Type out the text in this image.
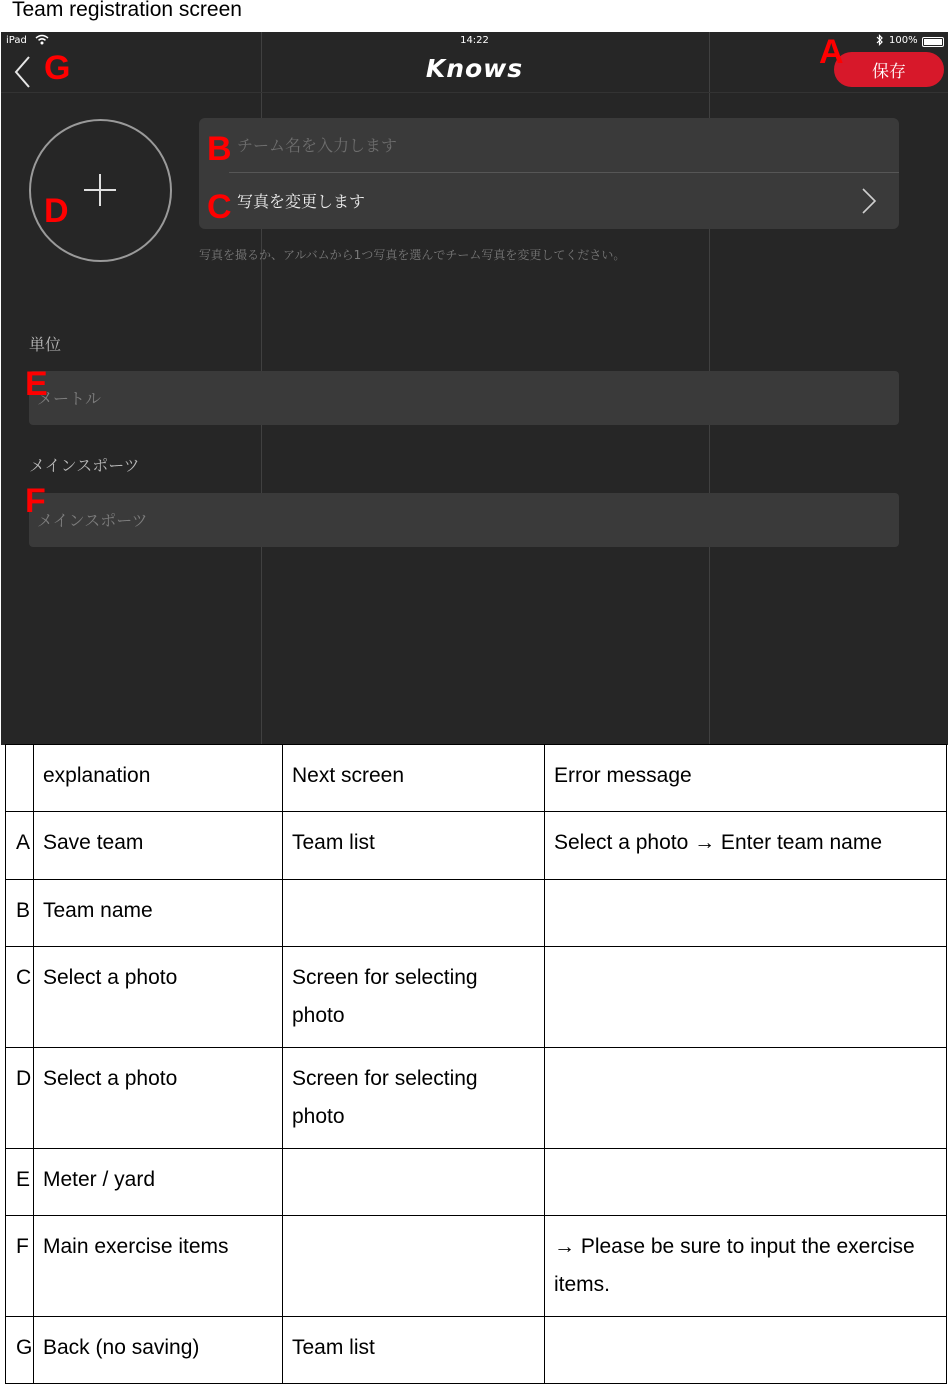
Team registration screen
iPad	14:22	100%
Knows	保存
チーム名を入力します
写真を変更します
写真を撮るか、アルバムから1つ写真を選んでチーム写真を変更してください。
単位
メートル
メインスポーツ
メインスポーツ
G	A
B
C
D
E
F
	explanation	Next screen	Error message
A	Save team	Team list	Select a photo → Enter team name
B	Team name		
C	Select a photo	Screen for selecting photo	
D	Select a photo	Screen for selecting photo	
E	Meter / yard		
F	Main exercise items		→ Please be sure to input the exercise items.
G	Back (no saving)	Team list	
